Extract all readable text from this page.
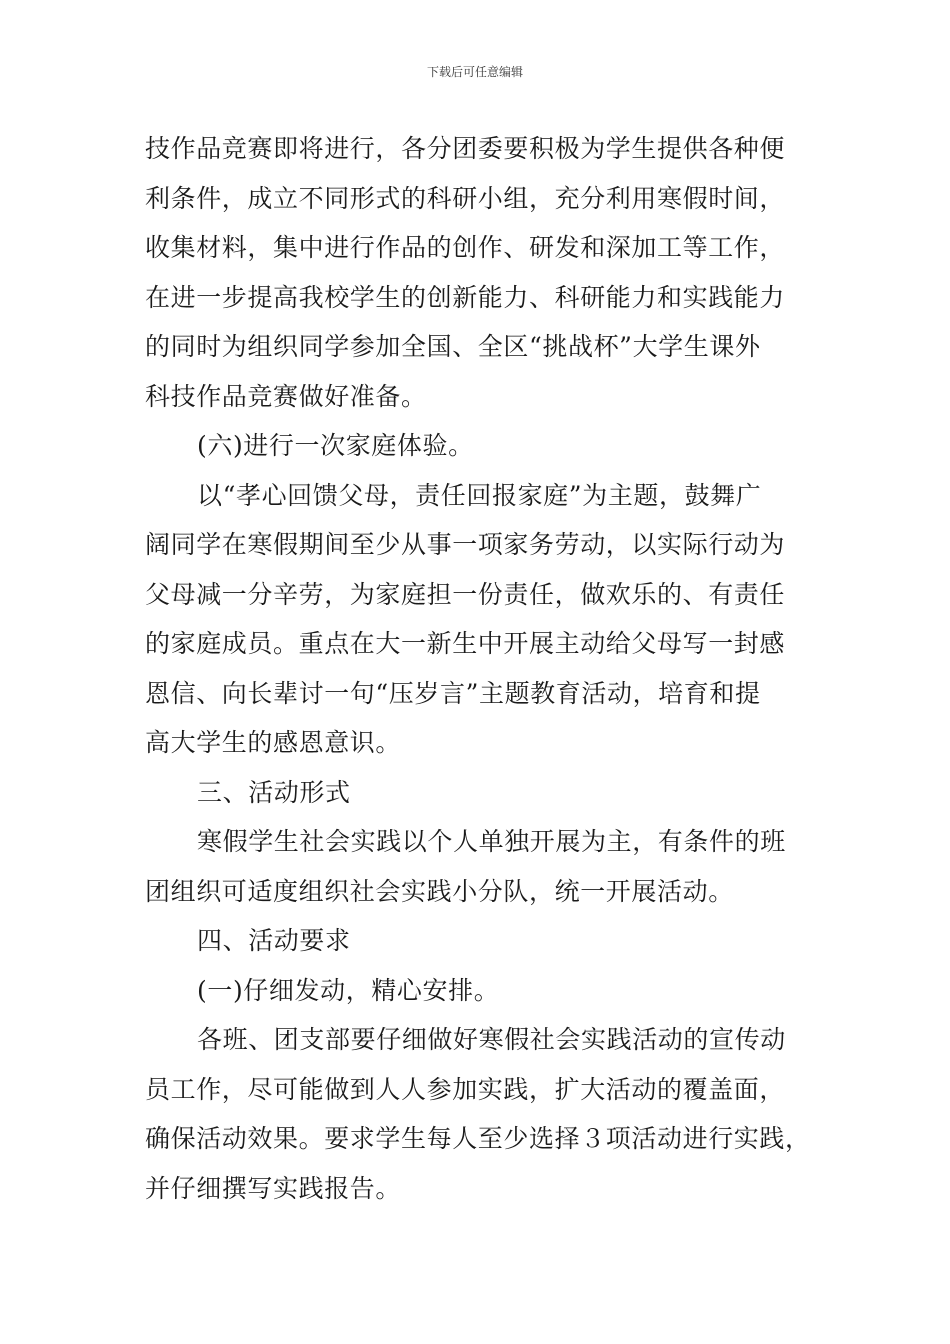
下载后可任意编辑
技作品竞赛即将进行，各分团委要积极为学生提供各种便
利条件，成立不同形式的科研小组，充分利用寒假时间，
收集材料，集中进行作品的创作、研发和深加工等工作，
在进一步提高我校学生的创新能力、科研能力和实践能力
的同时为组织同学参加全国、全区“挑战杯”大学生课外
科技作品竞赛做好准备。
(六)进行一次家庭体验。
以“孝心回馈父母，责任回报家庭”为主题，鼓舞广
阔同学在寒假期间至少从事一项家务劳动，以实际行动为
父母减一分辛劳，为家庭担一份责任，做欢乐的、有责任
的家庭成员。重点在大一新生中开展主动给父母写一封感
恩信、向长辈讨一句“压岁言”主题教育活动，培育和提
高大学生的感恩意识。
三、活动形式
寒假学生社会实践以个人单独开展为主，有条件的班
团组织可适度组织社会实践小分队，统一开展活动。
四、活动要求
(一)仔细发动，精心安排。
各班、团支部要仔细做好寒假社会实践活动的宣传动
员工作，尽可能做到人人参加实践，扩大活动的覆盖面，
确保活动效果。要求学生每人至少选择３项活动进行实践，
并仔细撰写实践报告。
